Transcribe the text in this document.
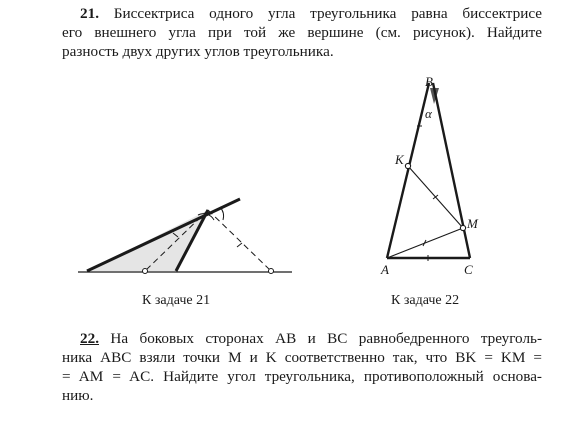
21. Биссектриса одного угла треугольника равна биссектрисе
его внешнего угла при той же вершине (см. рисунок). Найдите
разность двух других углов треугольника.
B
α
K
M
A	C
К задаче 21	К задаче 22
22. На боковых сторонах AB и BC равнобедренного треуголь-
ника ABC взяли точки M и K соответственно так, что BK = KM =
= AM = AC. Найдите угол треугольника, противоположный основа-
нию.
